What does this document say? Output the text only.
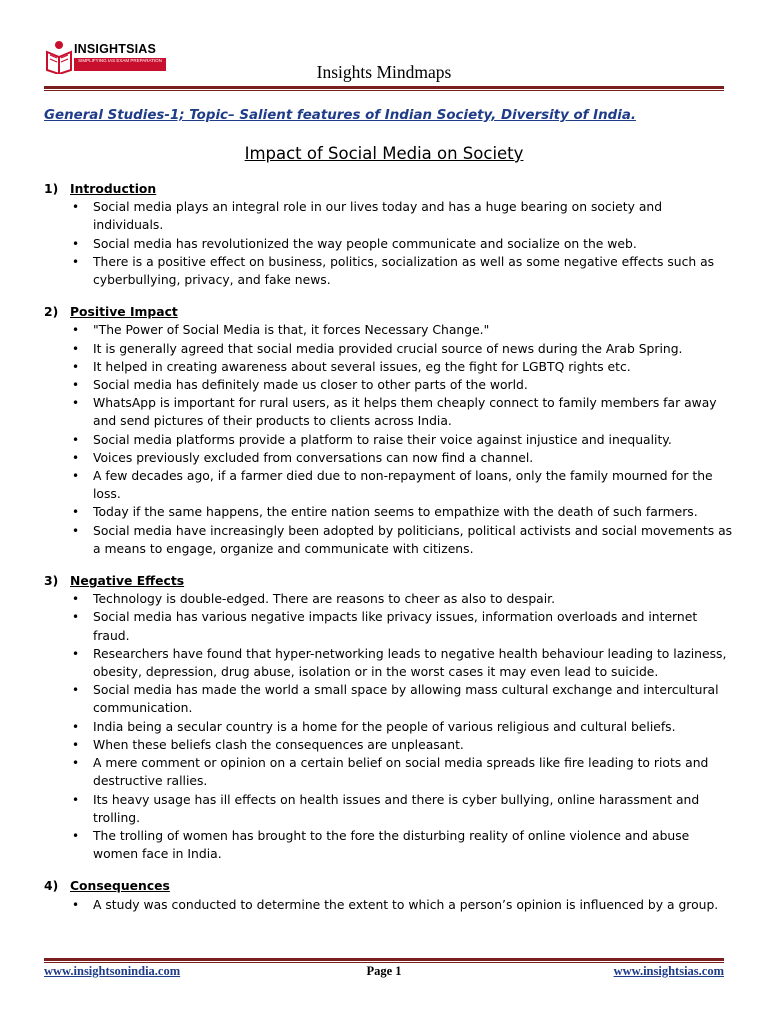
INSIGHTSIAS
SIMPLIFYING IAS EXAM PREPARATION
Insights Mindmaps
General Studies-1; Topic– Salient features of Indian Society, Diversity of India.
Impact of Social Media on Society
1) Introduction
• Social media plays an integral role in our lives today and has a huge bearing on society and individuals.
• Social media has revolutionized the way people communicate and socialize on the web.
• There is a positive effect on business, politics, socialization as well as some negative effects such as cyberbullying, privacy, and fake news.
2) Positive Impact
• "The Power of Social Media is that, it forces Necessary Change."
• It is generally agreed that social media provided crucial source of news during the Arab Spring.
• It helped in creating awareness about several issues, eg the fight for LGBTQ rights etc.
• Social media has definitely made us closer to other parts of the world.
• WhatsApp is important for rural users, as it helps them cheaply connect to family members far away and send pictures of their products to clients across India.
• Social media platforms provide a platform to raise their voice against injustice and inequality.
• Voices previously excluded from conversations can now find a channel.
• A few decades ago, if a farmer died due to non-repayment of loans, only the family mourned for the loss.
• Today if the same happens, the entire nation seems to empathize with the death of such farmers.
• Social media have increasingly been adopted by politicians, political activists and social movements as a means to engage, organize and communicate with citizens.
3) Negative Effects
• Technology is double-edged. There are reasons to cheer as also to despair.
• Social media has various negative impacts like privacy issues, information overloads and internet fraud.
• Researchers have found that hyper-networking leads to negative health behaviour leading to laziness, obesity, depression, drug abuse, isolation or in the worst cases it may even lead to suicide.
• Social media has made the world a small space by allowing mass cultural exchange and intercultural communication.
• India being a secular country is a home for the people of various religious and cultural beliefs.
• When these beliefs clash the consequences are unpleasant.
• A mere comment or opinion on a certain belief on social media spreads like fire leading to riots and destructive rallies.
• Its heavy usage has ill effects on health issues and there is cyber bullying, online harassment and trolling.
• The trolling of women has brought to the fore the disturbing reality of online violence and abuse women face in India.
4) Consequences
• A study was conducted to determine the extent to which a person’s opinion is influenced by a group.
www.insightsonindia.com	Page 1	www.insightsias.com
